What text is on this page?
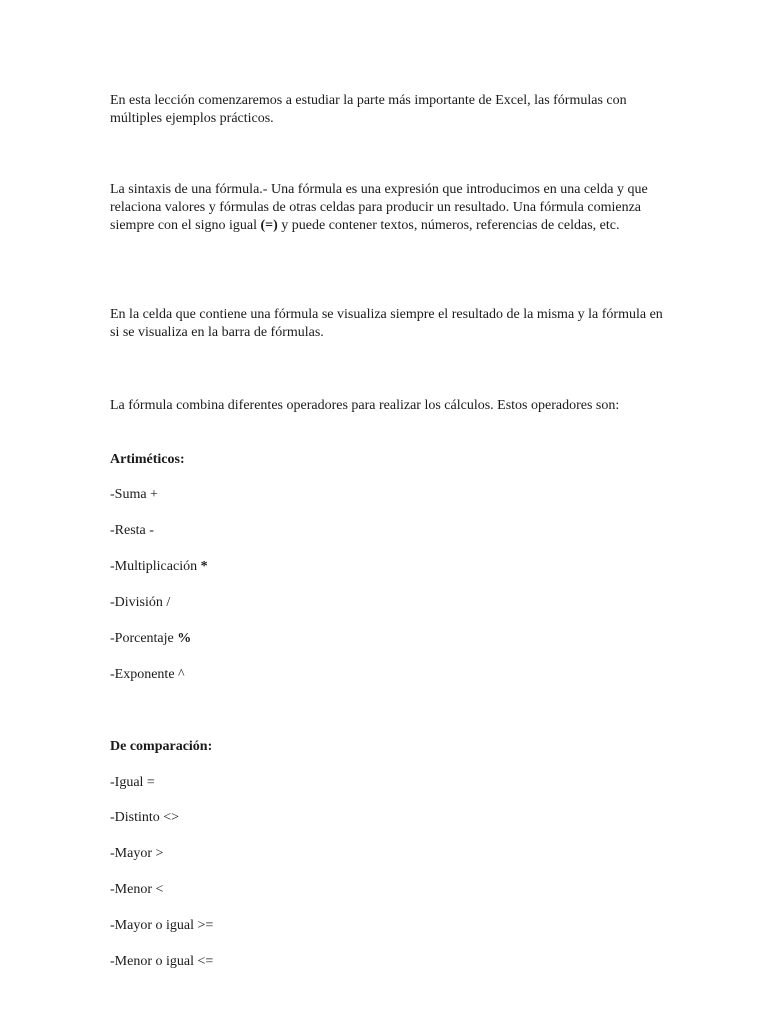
En esta lección comenzaremos a estudiar la parte más importante de Excel, las fórmulas con múltiples ejemplos prácticos.

La sintaxis de una fórmula.- Una fórmula es una expresión que introducimos en una celda y que relaciona valores y fórmulas de otras celdas para producir un resultado. Una fórmula comienza siempre con el signo igual (=) y puede contener textos, números, referencias de celdas, etc.

En la celda que contiene una fórmula se visualiza siempre el resultado de la misma y la fórmula en si se visualiza en la barra de fórmulas.

La fórmula combina diferentes operadores para realizar los cálculos. Estos operadores son:

Artiméticos:

-Suma +

-Resta -

-Multiplicación *

-División /

-Porcentaje %

-Exponente ^

De comparación:

-Igual =

-Distinto <>

-Mayor >

-Menor <

-Mayor o igual >=

-Menor o igual <=
